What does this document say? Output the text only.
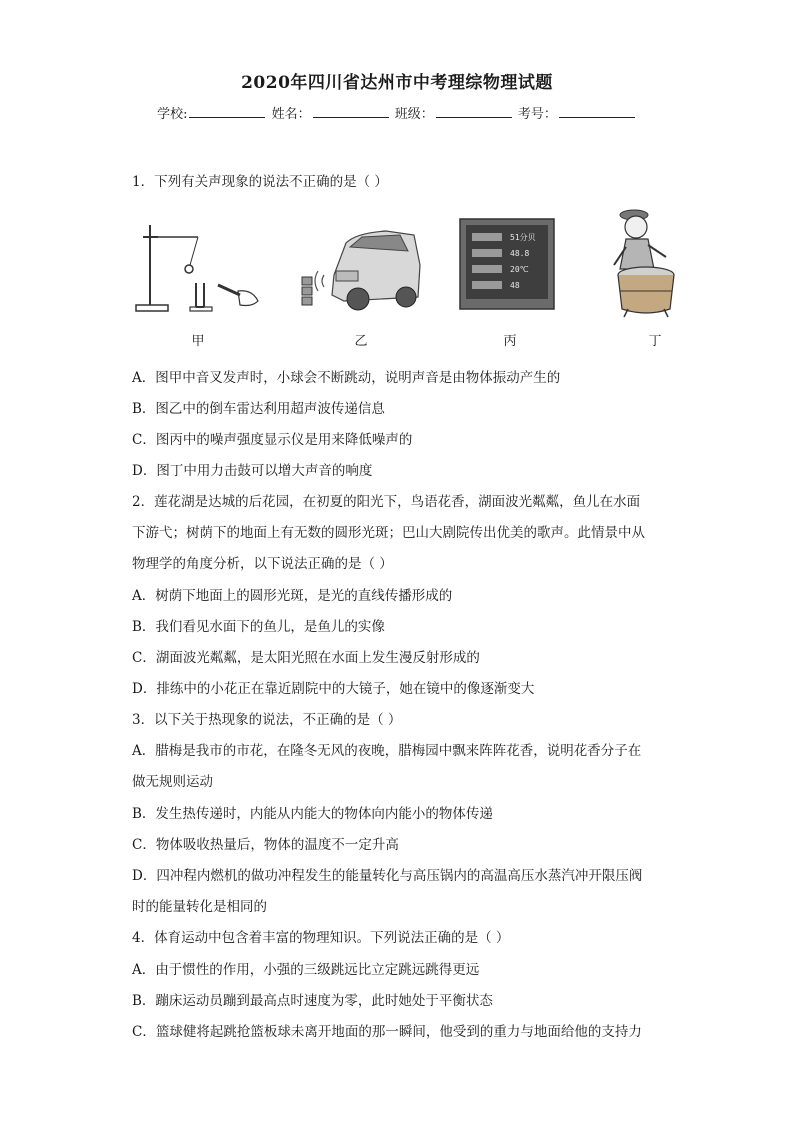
2020年四川省达州市中考理综物理试题
学校:	姓名：	班级：	考号：
1．下列有关声现象的说法不正确的是（ ）
51分贝
48.8
20℃
48
甲	乙	丙	丁
A．图甲中音叉发声时，小球会不断跳动，说明声音是由物体振动产生的
B．图乙中的倒车雷达利用超声波传递信息
C．图丙中的噪声强度显示仪是用来降低噪声的
D．图丁中用力击鼓可以增大声音的响度
2．莲花湖是达城的后花园，在初夏的阳光下，鸟语花香，湖面波光粼粼，鱼儿在水面
下游弋；树荫下的地面上有无数的圆形光斑；巴山大剧院传出优美的歌声。此情景中从
物理学的角度分析，以下说法正确的是（ ）
A．树荫下地面上的圆形光斑，是光的直线传播形成的
B．我们看见水面下的鱼儿，是鱼儿的实像
C．湖面波光粼粼，是太阳光照在水面上发生漫反射形成的
D．排练中的小花正在靠近剧院中的大镜子，她在镜中的像逐渐变大
3．以下关于热现象的说法，不正确的是（ ）
A．腊梅是我市的市花，在隆冬无风的夜晚，腊梅园中飘来阵阵花香，说明花香分子在
做无规则运动
B．发生热传递时，内能从内能大的物体向内能小的物体传递
C．物体吸收热量后，物体的温度不一定升高
D．四冲程内燃机的做功冲程发生的能量转化与高压锅内的高温高压水蒸汽冲开限压阀
时的能量转化是相同的
4．体育运动中包含着丰富的物理知识。下列说法正确的是（ ）
A．由于惯性的作用，小强的三级跳远比立定跳远跳得更远
B．蹦床运动员蹦到最高点时速度为零，此时她处于平衡状态
C．篮球健将起跳抢篮板球未离开地面的那一瞬间，他受到的重力与地面给他的支持力
